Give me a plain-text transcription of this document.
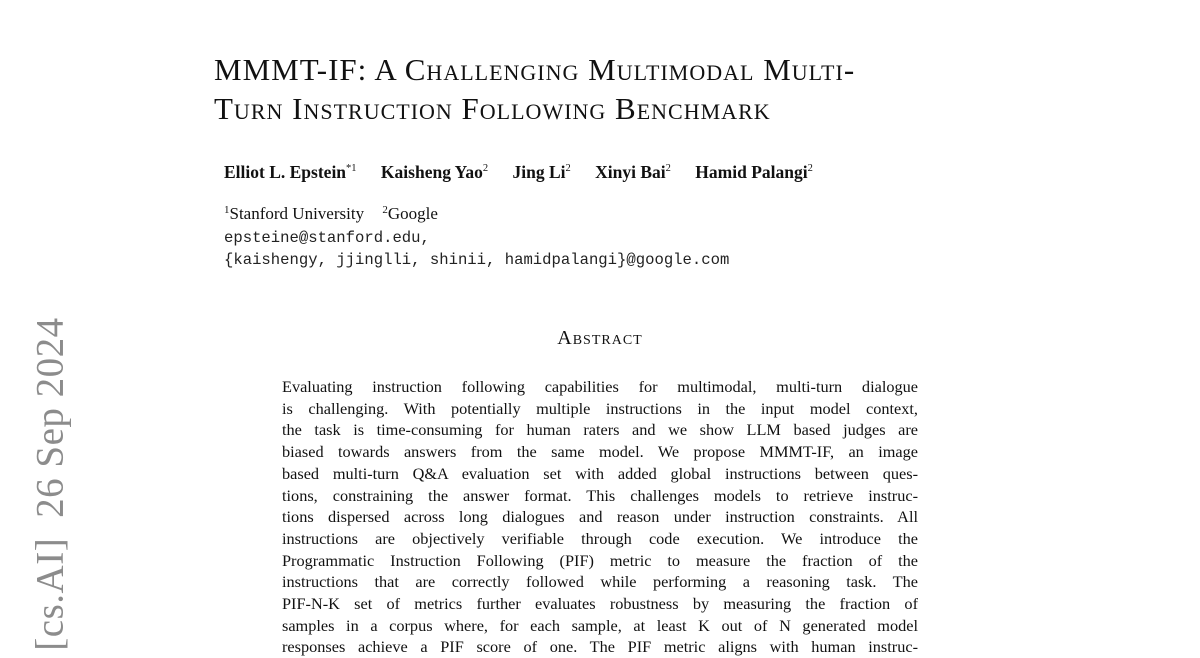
[cs.AI]26 Sep 2024
MMMT-IF: A Challenging Multimodal Multi-
Turn Instruction Following Benchmark
Elliot L. Epstein$^{*1}$ Kaisheng Yao$^2$ Jing Li$^2$ Xinyi Bai$^2$ Hamid Palangi$^2$
$^1$Stanford University $^2$Google
epsteine@stanford.edu,
{kaishengy, jjinglli, shinii, hamidpalangi}@google.com
Abstract
Evaluating instruction following capabilities for multimodal, multi-turn dialogue
is challenging. With potentially multiple instructions in the input model context,
the task is time-consuming for human raters and we show LLM based judges are
biased towards answers from the same model. We propose MMMT-IF, an image
based multi-turn Q&A evaluation set with added global instructions between ques-
tions, constraining the answer format. This challenges models to retrieve instruc-
tions dispersed across long dialogues and reason under instruction constraints. All
instructions are objectively verifiable through code execution. We introduce the
Programmatic Instruction Following (PIF) metric to measure the fraction of the
instructions that are correctly followed while performing a reasoning task. The
PIF-N-K set of metrics further evaluates robustness by measuring the fraction of
samples in a corpus where, for each sample, at least K out of N generated model
responses achieve a PIF score of one. The PIF metric aligns with human instruc-
